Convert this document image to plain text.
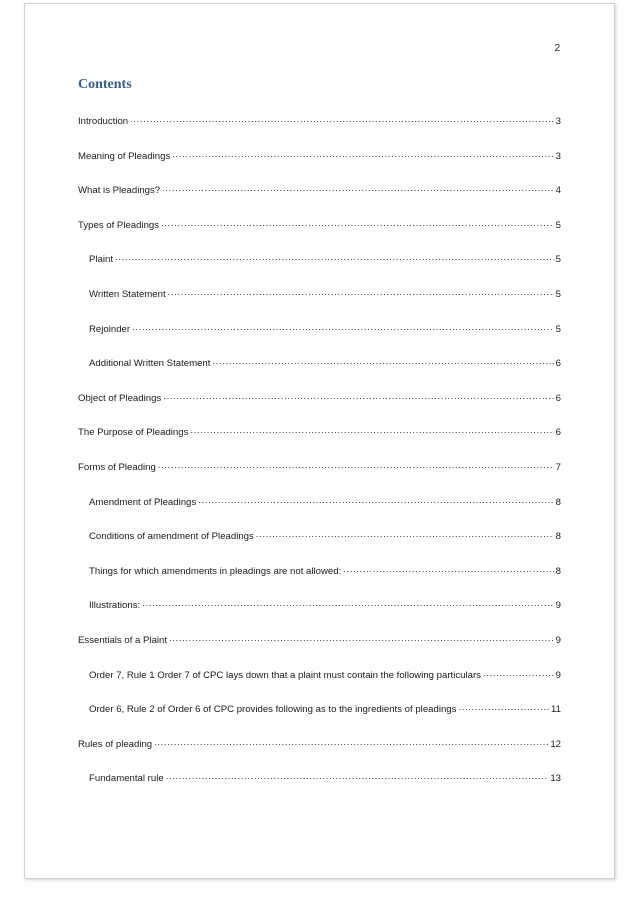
2
Contents
Introduction .....	3
Meaning of Pleadings .....	3
What is Pleadings? .....	4
Types of Pleadings .....	5
Plaint .....	5
Written Statement .....	5
Rejoinder .....	5
Additional Written Statement .....	6
Object of Pleadings .....	6
The Purpose of Pleadings .....	6
Forms of Pleading .....	7
Amendment of Pleadings .....	8
Conditions of amendment of Pleadings .....	8
Things for which amendments in pleadings are not allowed: .....	8
Illustrations: .....	9
Essentials of a Plaint .....	9
Order 7, Rule 1 Order 7 of CPC lays down that a plaint must contain the following particulars .....	9
Order 6, Rule 2 of Order 6 of CPC provides following as to the ingredients of pleadings .....	11
Rules of pleading .....	12
Fundamental rule .....	13
